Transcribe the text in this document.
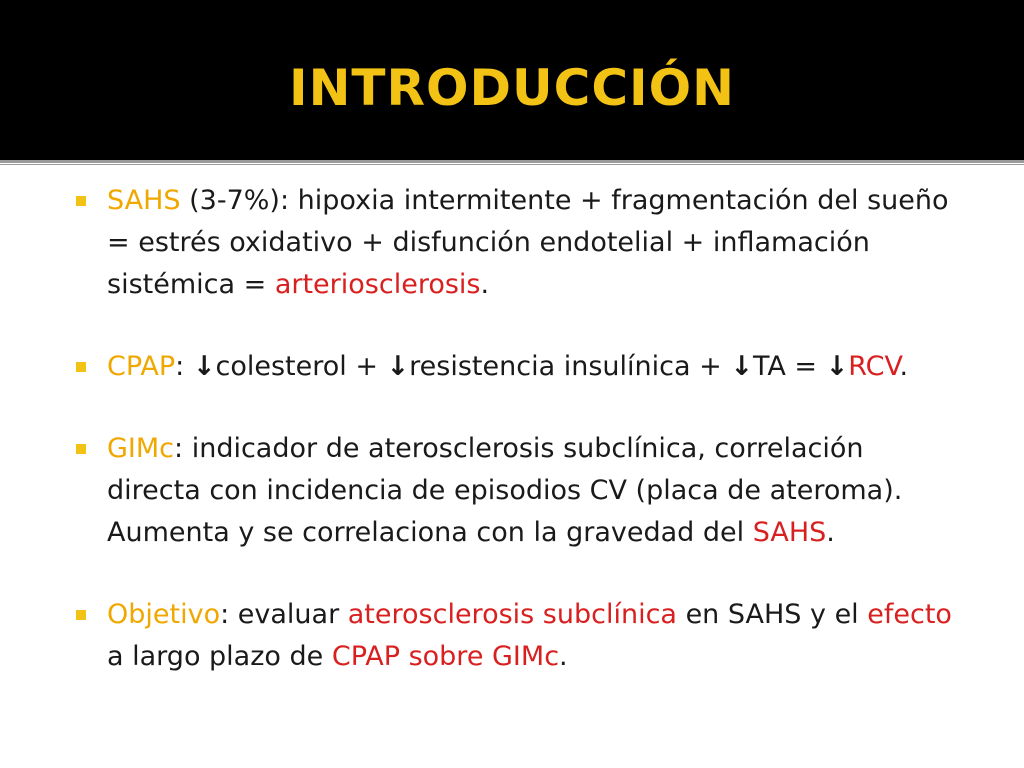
INTRODUCCIÓN
SAHS (3-7%): hipoxia intermitente + fragmentación del sueño = estrés oxidativo + disfunción endotelial + inflamación sistémica = arteriosclerosis.
CPAP: ↓colesterol + ↓resistencia insulínica + ↓TA = ↓RCV.
GIMc: indicador de aterosclerosis subclínica, correlación directa con incidencia de episodios CV (placa de ateroma). Aumenta y se correlaciona con la gravedad del SAHS.
Objetivo: evaluar aterosclerosis subclínica en SAHS y el efecto a largo plazo de CPAP sobre GIMc.
